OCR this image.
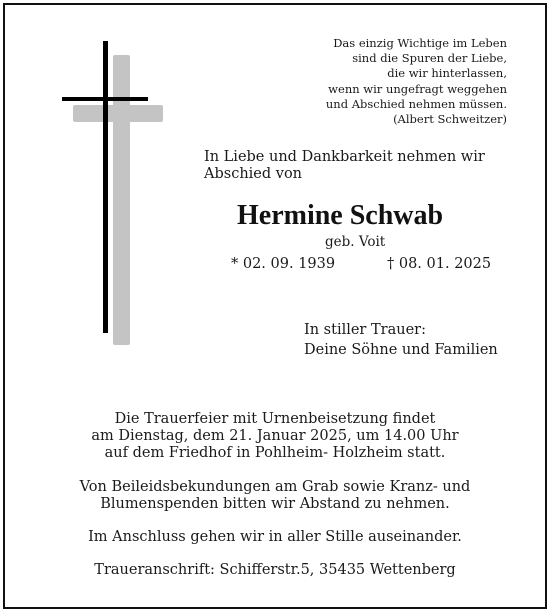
Das einzig Wichtige im Leben
sind die Spuren der Liebe,
die wir hinterlassen,
wenn wir ungefragt weggehen
und Abschied nehmen müssen.
(Albert Schweitzer)
In Liebe und Dankbarkeit nehmen wir
Abschied von
Hermine Schwab
geb. Voit
* 02. 09. 1939	† 08. 01. 2025
In stiller Trauer:
Deine Söhne und Familien
Die Trauerfeier mit Urnenbeisetzung findet
am Dienstag, dem 21. Januar 2025, um 14.00 Uhr
auf dem Friedhof in Pohlheim- Holzheim statt.
Von Beileidsbekundungen am Grab sowie Kranz- und
Blumenspenden bitten wir Abstand zu nehmen.
Im Anschluss gehen wir in aller Stille auseinander.
Traueranschrift: Schifferstr.5, 35435 Wettenberg
